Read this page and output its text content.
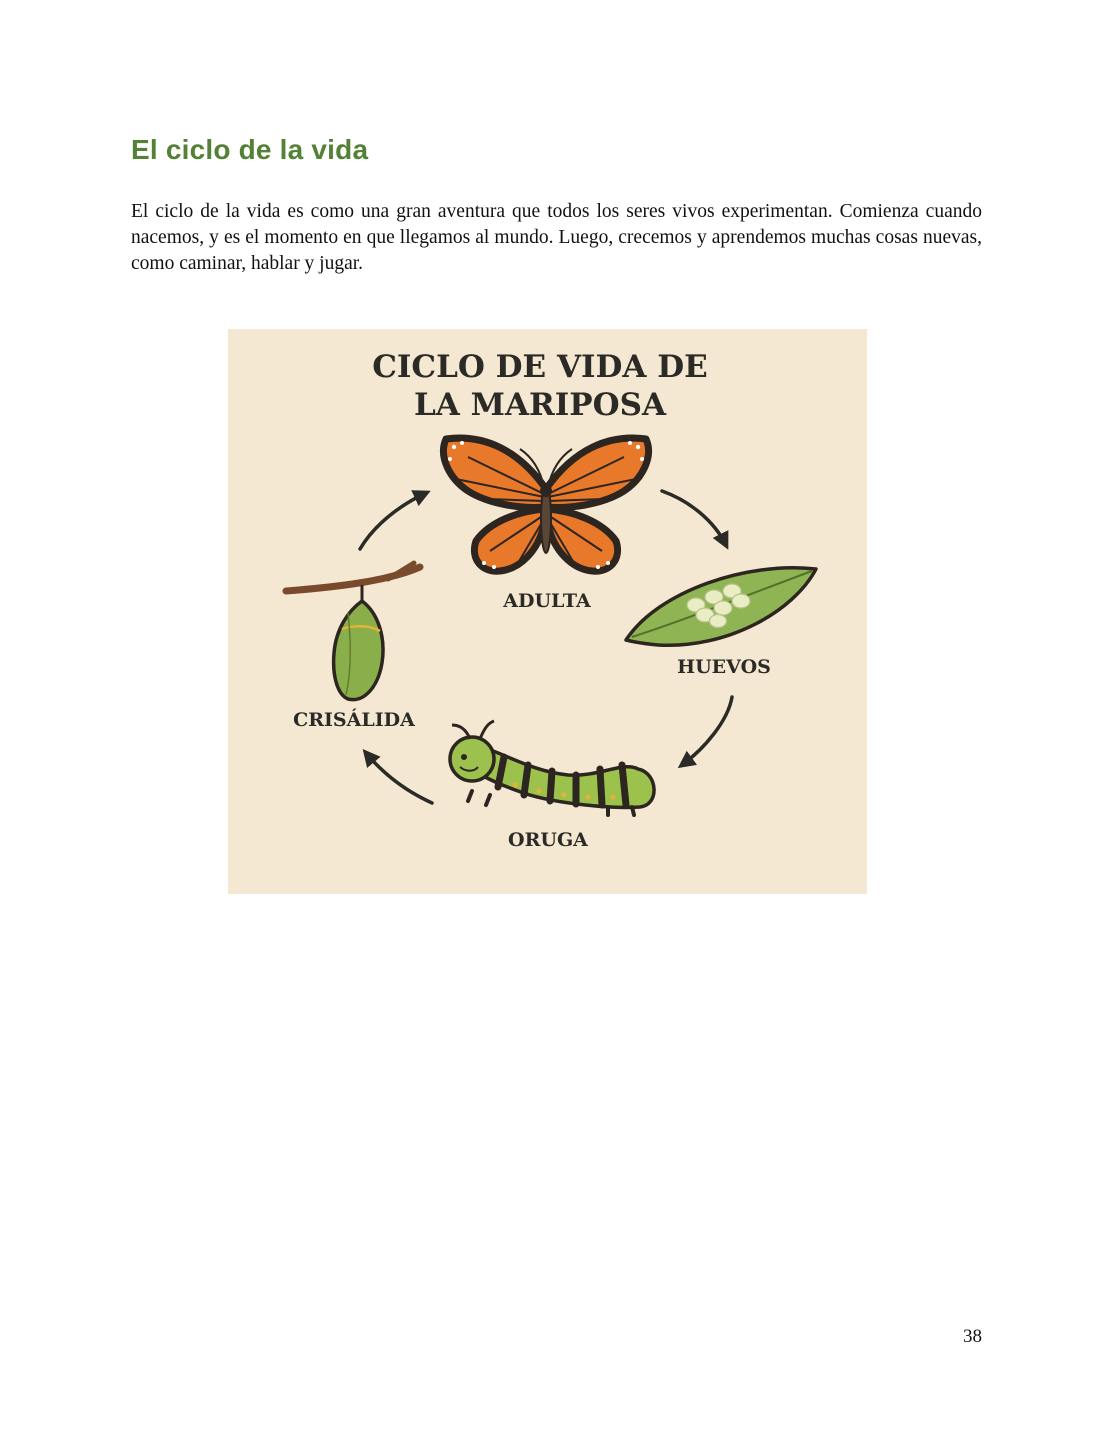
El ciclo de la vida

El ciclo de la vida es como una gran aventura que todos los seres vivos experimentan. Comienza cuando nacemos, y es el momento en que llegamos al mundo. Luego, crecemos y aprendemos muchas cosas nuevas, como caminar, hablar y jugar.

CICLO DE VIDA DE
LA MARIPOSA
ADULTA
HUEVOS
ORUGA
CRISÁLIDA
38
